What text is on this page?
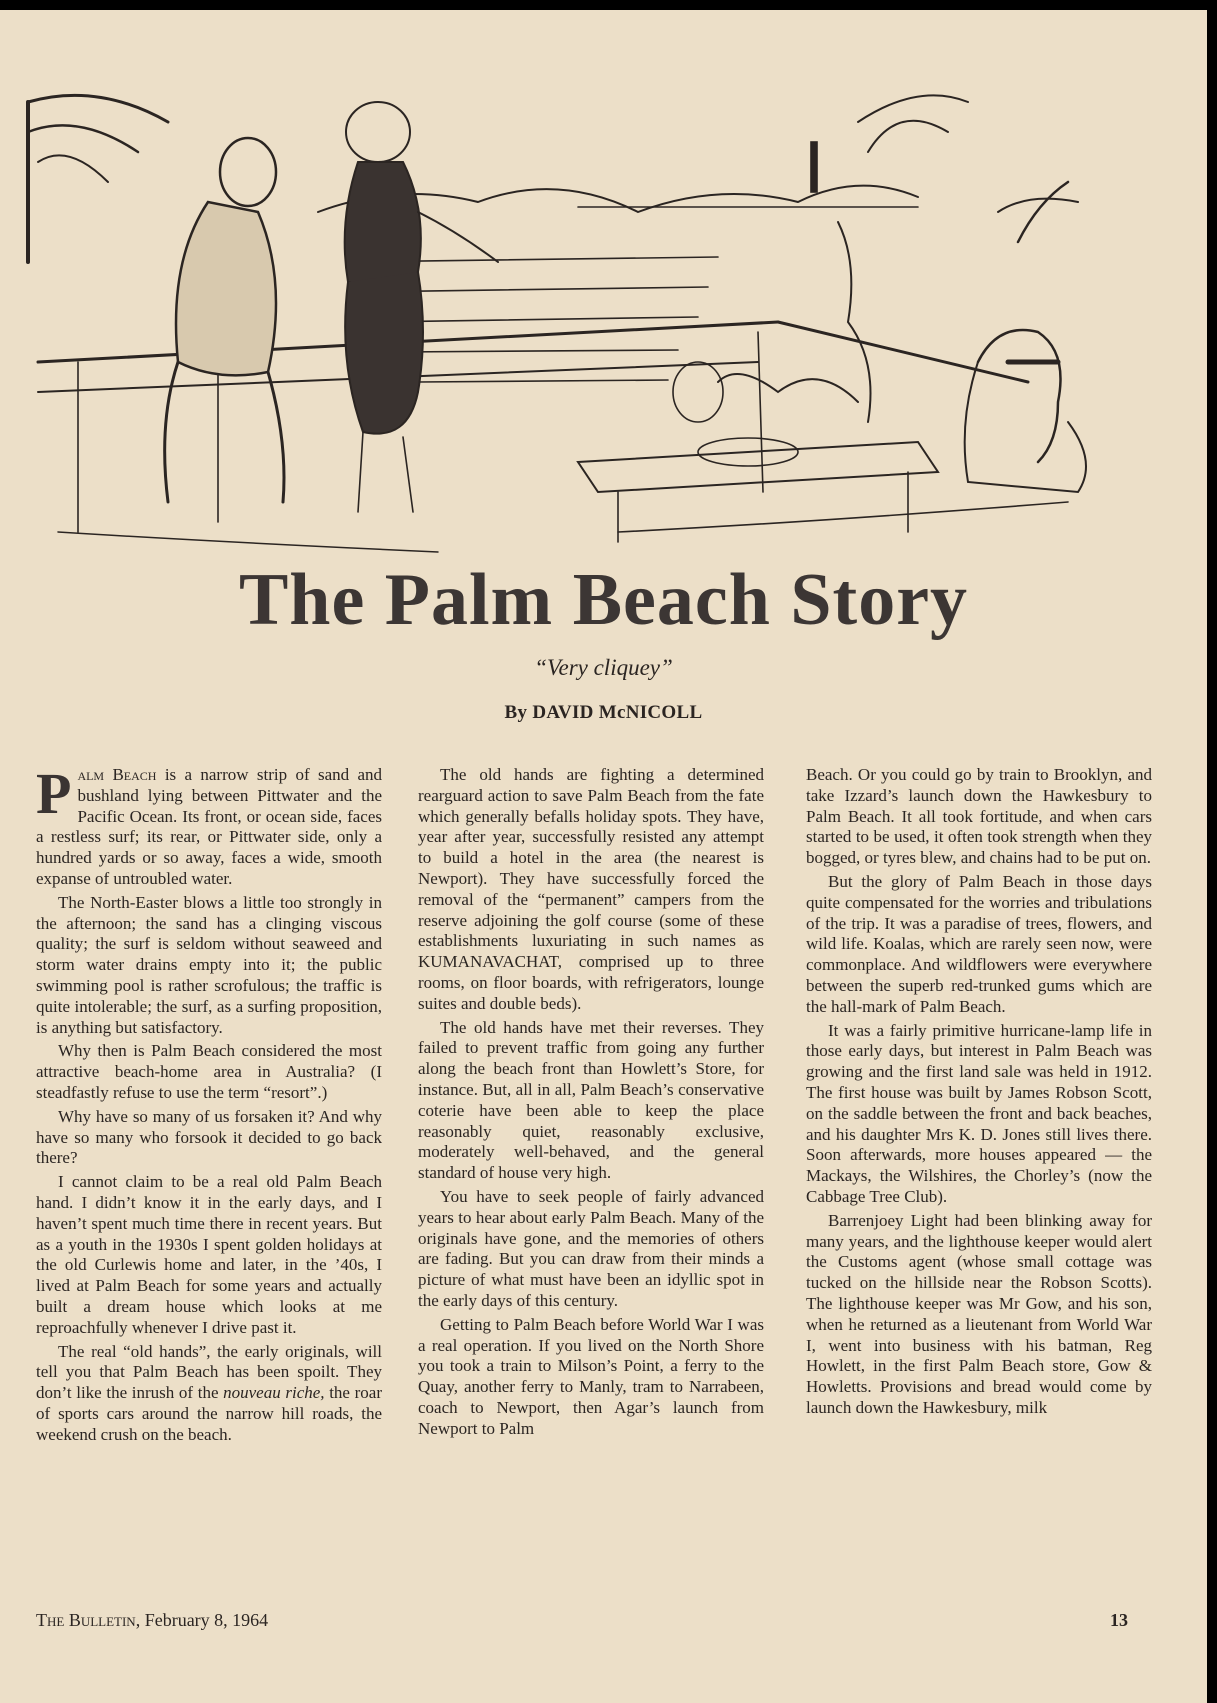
The Palm Beach Story

“Very cliquey”

By DAVID McNICOLL

Palm Beach is a narrow strip of sand and bushland lying between Pittwater and the Pacific Ocean. Its front, or ocean side, faces a restless surf; its rear, or Pittwater side, only a hundred yards or so away, faces a wide, smooth expanse of untroubled water.

The North-Easter blows a little too strongly in the afternoon; the sand has a clinging viscous quality; the surf is seldom without seaweed and storm water drains empty into it; the public swimming pool is rather scrofulous; the traffic is quite intolerable; the surf, as a surfing proposition, is anything but satisfactory.

Why then is Palm Beach considered the most attractive beach-home area in Australia? (I steadfastly refuse to use the term “resort”.)

Why have so many of us forsaken it? And why have so many who forsook it decided to go back there?

I cannot claim to be a real old Palm Beach hand. I didn’t know it in the early days, and I haven’t spent much time there in recent years. But as a youth in the 1930s I spent golden holidays at the old Curlewis home and later, in the ’40s, I lived at Palm Beach for some years and actually built a dream house which looks at me reproachfully whenever I drive past it.

The real “old hands”, the early originals, will tell you that Palm Beach has been spoilt. They don’t like the inrush of the nouveau riche, the roar of sports cars around the narrow hill roads, the weekend crush on the beach.

The old hands are fighting a determined rearguard action to save Palm Beach from the fate which generally befalls holiday spots. They have, year after year, successfully resisted any attempt to build a hotel in the area (the nearest is Newport). They have successfully forced the removal of the “permanent” campers from the reserve adjoining the golf course (some of these establishments luxuriating in such names as KUMANAVACHAT, comprised up to three rooms, on floor boards, with refrigerators, lounge suites and double beds).

The old hands have met their reverses. They failed to prevent traffic from going any further along the beach front than Howlett’s Store, for instance. But, all in all, Palm Beach’s conservative coterie have been able to keep the place reasonably quiet, reasonably exclusive, moderately well-behaved, and the general standard of house very high.

You have to seek people of fairly advanced years to hear about early Palm Beach. Many of the originals have gone, and the memories of others are fading. But you can draw from their minds a picture of what must have been an idyllic spot in the early days of this century.

Getting to Palm Beach before World War I was a real operation. If you lived on the North Shore you took a train to Milson’s Point, a ferry to the Quay, another ferry to Manly, tram to Narrabeen, coach to Newport, then Agar’s launch from Newport to Palm

Beach. Or you could go by train to Brooklyn, and take Izzard’s launch down the Hawkesbury to Palm Beach. It all took fortitude, and when cars started to be used, it often took strength when they bogged, or tyres blew, and chains had to be put on.

But the glory of Palm Beach in those days quite compensated for the worries and tribulations of the trip. It was a paradise of trees, flowers, and wild life. Koalas, which are rarely seen now, were commonplace. And wildflowers were everywhere between the superb red-trunked gums which are the hall-mark of Palm Beach.

It was a fairly primitive hurricane-lamp life in those early days, but interest in Palm Beach was growing and the first land sale was held in 1912. The first house was built by James Robson Scott, on the saddle between the front and back beaches, and his daughter Mrs K. D. Jones still lives there. Soon afterwards, more houses appeared — the Mackays, the Wilshires, the Chorley’s (now the Cabbage Tree Club).

Barrenjoey Light had been blinking away for many years, and the lighthouse keeper would alert the Customs agent (whose small cottage was tucked on the hillside near the Robson Scotts). The lighthouse keeper was Mr Gow, and his son, when he returned as a lieutenant from World War I, went into business with his batman, Reg Howlett, in the first Palm Beach store, Gow & Howletts. Provisions and bread would come by launch down the Hawkesbury, milk

The Bulletin, February 8, 1964	13
